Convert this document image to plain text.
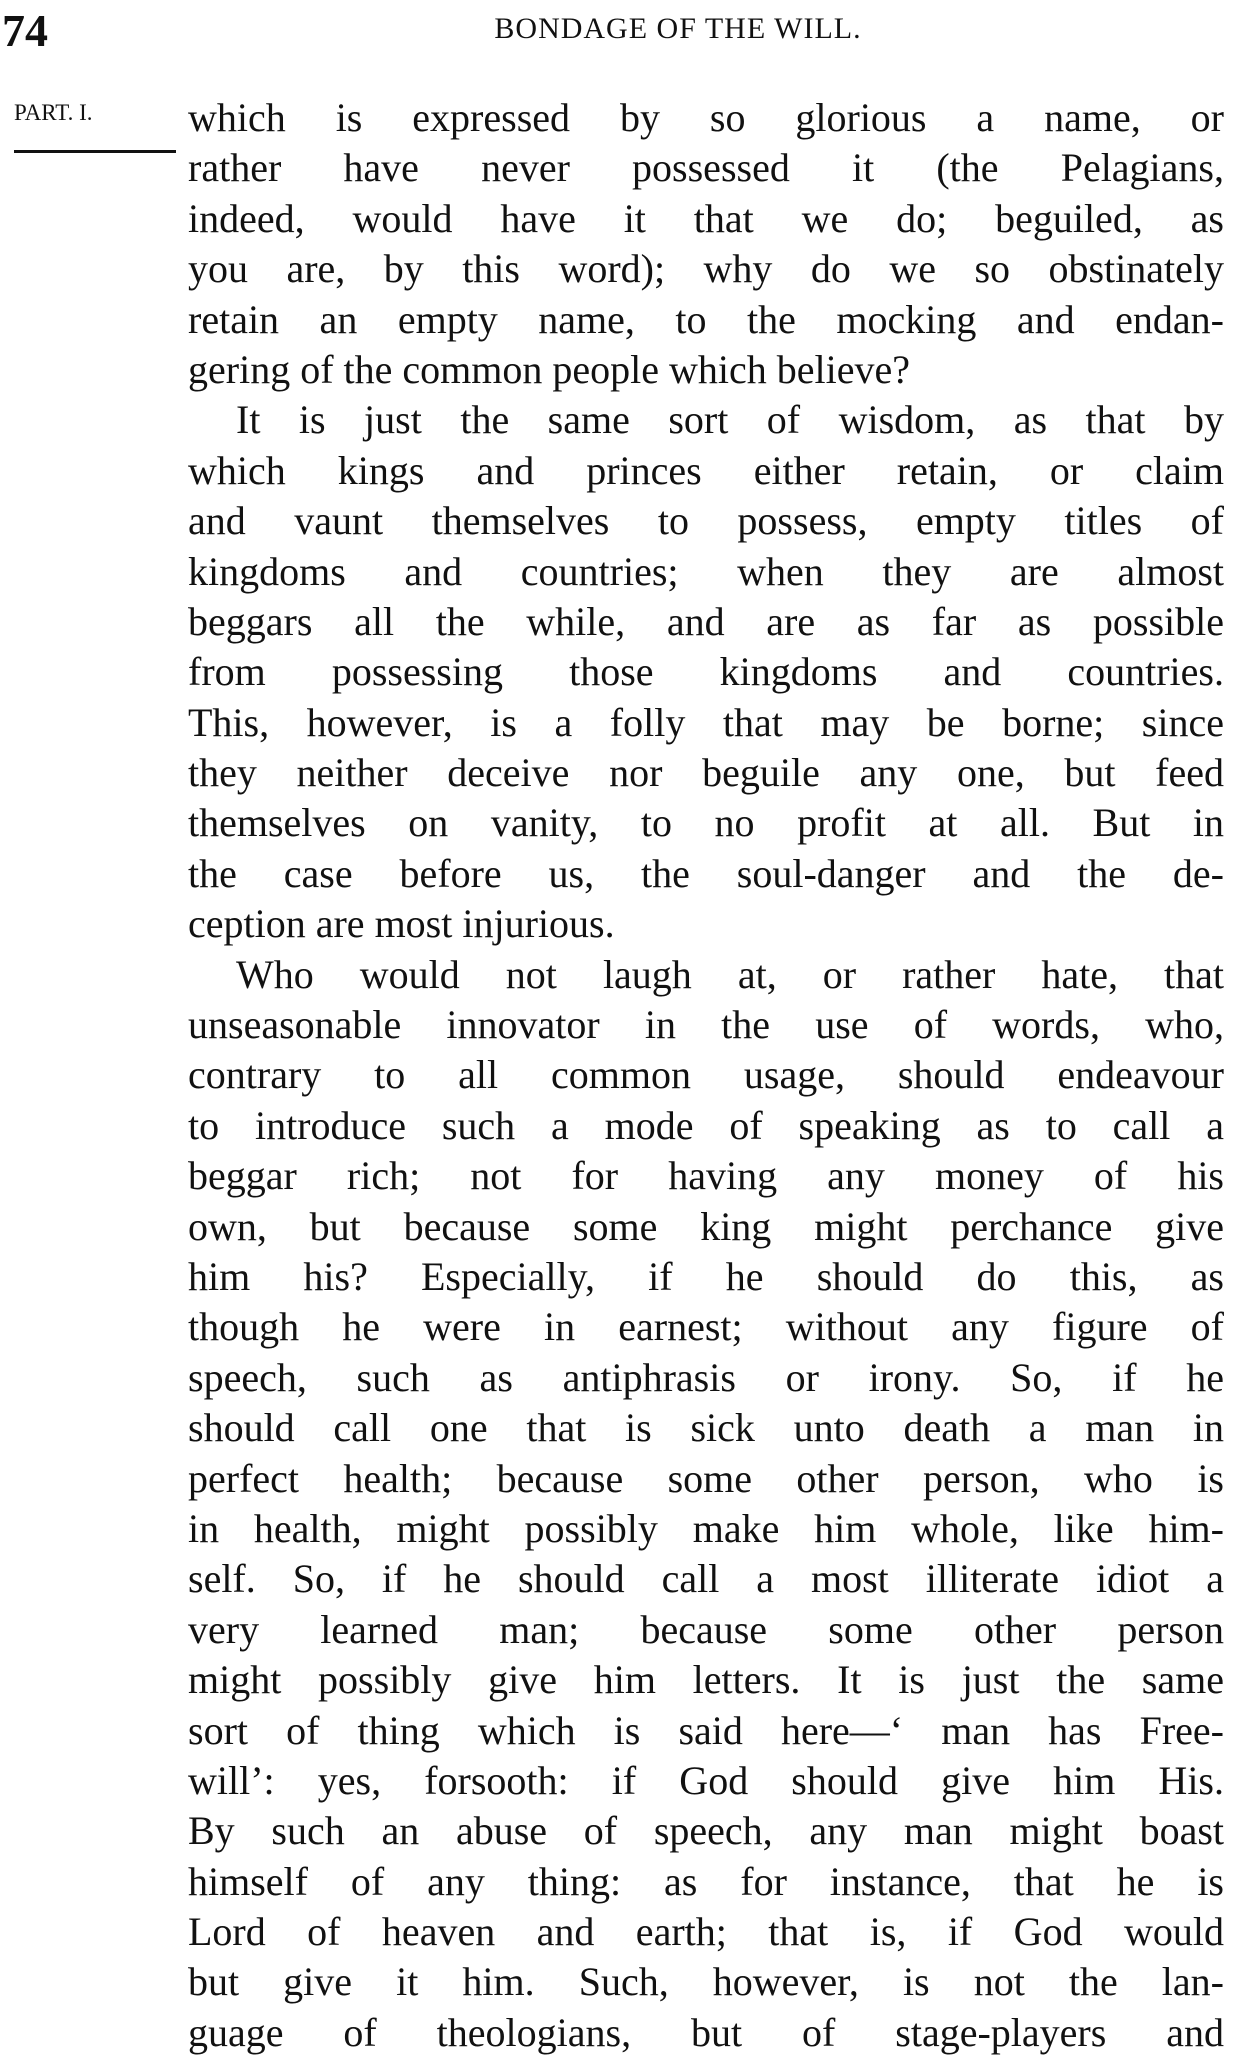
74	BONDAGE OF THE WILL.
PART. I. which is expressed by so glorious a name, or
rather have never possessed it (the Pelagians,
indeed, would have it that we do; beguiled, as
you are, by this word); why do we so obstinately
retain an empty name, to the mocking and endan-
gering of the common people which believe?
It is just the same sort of wisdom, as that by
which kings and princes either retain, or claim
and vaunt themselves to possess, empty titles of
kingdoms and countries; when they are almost
beggars all the while, and are as far as possible
from possessing those kingdoms and countries.
This, however, is a folly that may be borne; since
they neither deceive nor beguile any one, but feed
themselves on vanity, to no profit at all. But in
the case before us, the soul-danger and the de-
ception are most injurious.
Who would not laugh at, or rather hate, that
unseasonable innovator in the use of words, who,
contrary to all common usage, should endeavour
to introduce such a mode of speaking as to call a
beggar rich; not for having any money of his
own, but because some king might perchance give
him his? Especially, if he should do this, as
though he were in earnest; without any figure of
speech, such as antiphrasis or irony. So, if he
should call one that is sick unto death a man in
perfect health; because some other person, who is
in health, might possibly make him whole, like him-
self. So, if he should call a most illiterate idiot a
very learned man; because some other person
might possibly give him letters. It is just the same
sort of thing which is said here—‘ man has Free-
will’: yes, forsooth: if God should give him His.
By such an abuse of speech, any man might boast
himself of any thing: as for instance, that he is
Lord of heaven and earth; that is, if God would
but give it him. Such, however, is not the lan-
guage of theologians, but of stage-players and
